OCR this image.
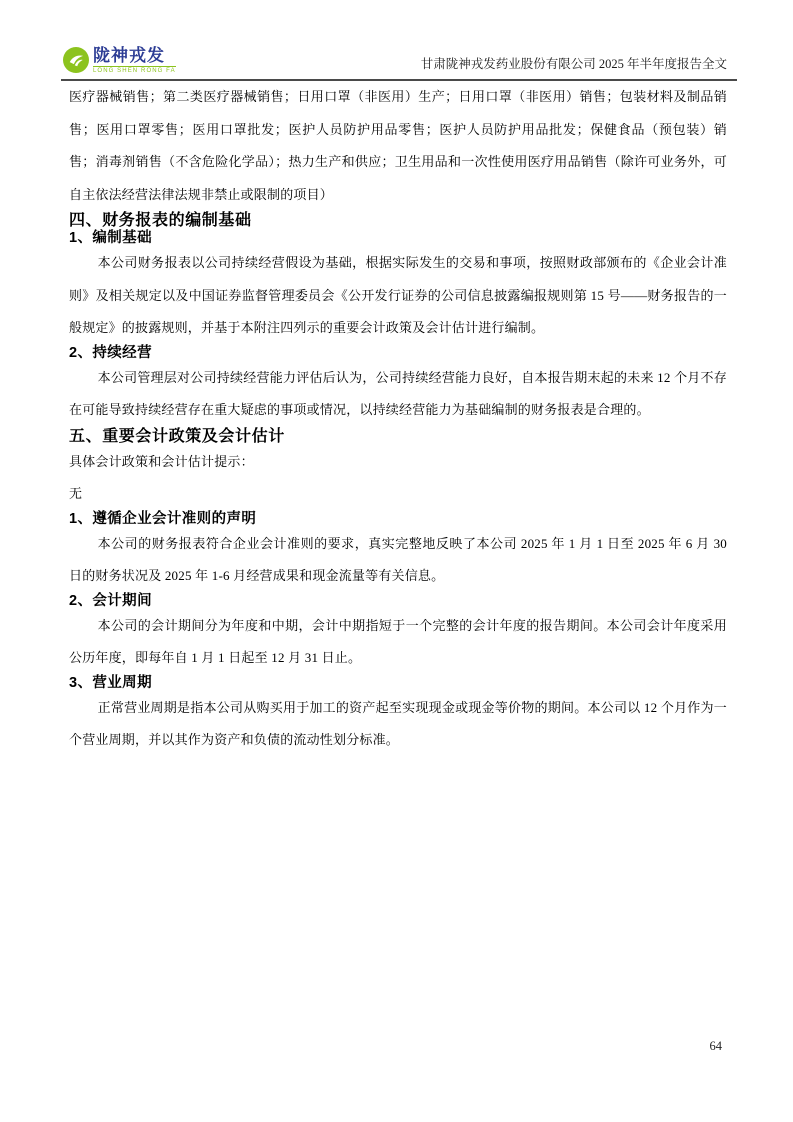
陇神戎发
LONG SHEN RONG FA	甘肃陇神戎发药业股份有限公司 2025 年半年度报告全文

医疗器械销售；第二类医疗器械销售；日用口罩（非医用）生产；日用口罩（非医用）销售；包装材料及制品销售；医用口罩零售；医用口罩批发；医护人员防护用品零售；医护人员防护用品批发；保健食品（预包装）销售；消毒剂销售（不含危险化学品）；热力生产和供应；卫生用品和一次性使用医疗用品销售（除许可业务外，可自主依法经营法律法规非禁止或限制的项目）

四、财务报表的编制基础
1、编制基础

本公司财务报表以公司持续经营假设为基础，根据实际发生的交易和事项，按照财政部颁布的《企业会计准则》及相关规定以及中国证券监督管理委员会《公开发行证券的公司信息披露编报规则第 15 号——财务报告的一般规定》的披露规则，并基于本附注四列示的重要会计政策及会计估计进行编制。

2、持续经营

本公司管理层对公司持续经营能力评估后认为，公司持续经营能力良好，自本报告期末起的未来 12 个月不存在可能导致持续经营存在重大疑虑的事项或情况，以持续经营能力为基础编制的财务报表是合理的。

五、重要会计政策及会计估计

具体会计政策和会计估计提示：

无

1、遵循企业会计准则的声明

本公司的财务报表符合企业会计准则的要求，真实完整地反映了本公司 2025 年 1 月 1 日至 2025 年 6 月 30 日的财务状况及 2025 年 1-6 月经营成果和现金流量等有关信息。

2、会计期间

本公司的会计期间分为年度和中期，会计中期指短于一个完整的会计年度的报告期间。本公司会计年度采用公历年度，即每年自 1 月 1 日起至 12 月 31 日止。

3、营业周期

正常营业周期是指本公司从购买用于加工的资产起至实现现金或现金等价物的期间。本公司以 12 个月作为一个营业周期，并以其作为资产和负债的流动性划分标准。

64
